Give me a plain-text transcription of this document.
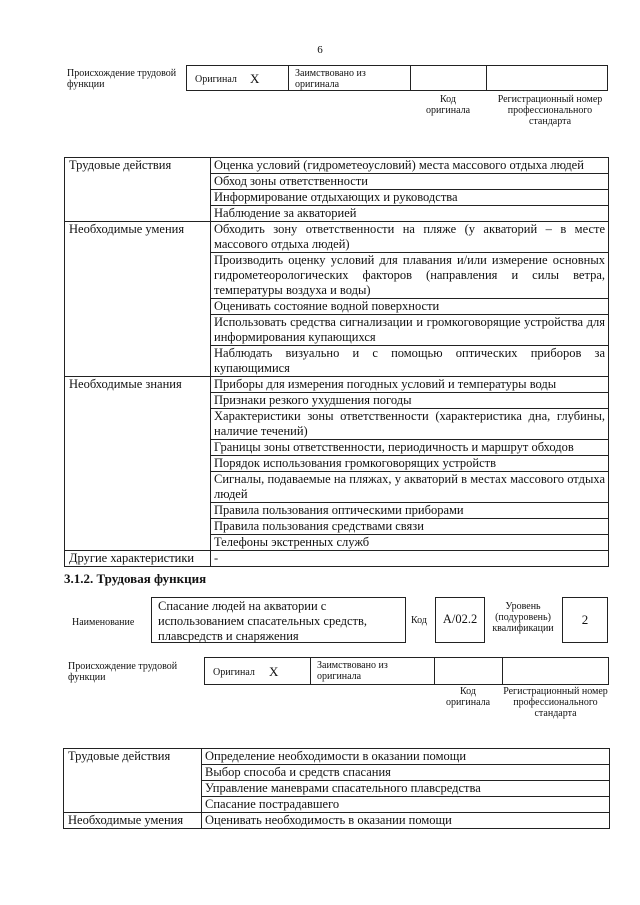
6
Происхождение трудовой функции	Оригинал X	Заимствовано из оригинала
Код оригинала
Регистрационный номер профессионального стандарта
Трудовые действия	Оценка условий (гидрометеоусловий) места массового отдыха людей
	Обход зоны ответственности
	Информирование отдыхающих и руководства
	Наблюдение за акваторией
Необходимые умения	Обходить зону ответственности на пляже (у акваторий – в месте массового отдыха людей)
	Производить оценку условий для плавания и/или измерение основных гидрометеорологических факторов (направления и силы ветра, температуры воздуха и воды)
	Оценивать состояние водной поверхности
	Использовать средства сигнализации и громкоговорящие устройства для информирования купающихся
	Наблюдать визуально и с помощью оптических приборов за купающимися
Необходимые знания	Приборы для измерения погодных условий и температуры воды
	Признаки резкого ухудшения погоды
	Характеристики зоны ответственности (характеристика дна, глубины, наличие течений)
	Границы зоны ответственности, периодичность и маршрут обходов
	Порядок использования громкоговорящих устройств
	Сигналы, подаваемые на пляжах, у акваторий в местах массового отдыха людей
	Правила пользования оптическими приборами
	Правила пользования средствами связи
	Телефоны экстренных служб
Другие характеристики	-
3.1.2. Трудовая функция
Наименование
Спасание людей на акватории с использованием спасательных средств, плавсредств и снаряжения
Код	A/02.2
Уровень (подуровень) квалификации
2
Происхождение трудовой функции	Оригинал X	Заимствовано из оригинала
Код оригинала
Регистрационный номер профессионального стандарта
Трудовые действия	Определение необходимости в оказании помощи
	Выбор способа и средств спасания
	Управление маневрами спасательного плавсредства
	Спасание пострадавшего
Необходимые умения	Оценивать необходимость в оказании помощи
